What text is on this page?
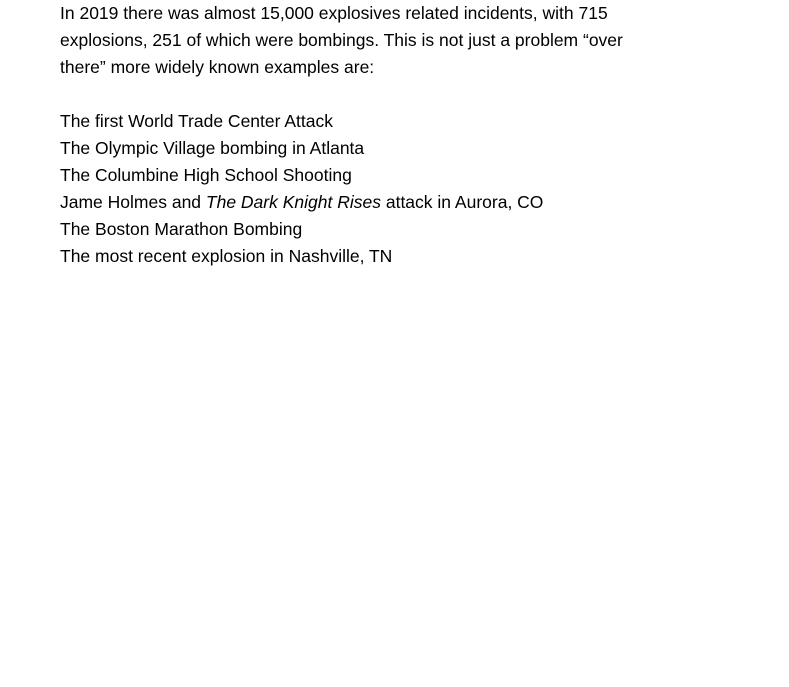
In 2019 there was almost 15,000 explosives related incidents, with 715
explosions, 251 of which were bombings. This is not just a problem “over
there” more widely known examples are:

The first World Trade Center Attack
The Olympic Village bombing in Atlanta
The Columbine High School Shooting
Jame Holmes and The Dark Knight Rises attack in Aurora, CO
The Boston Marathon Bombing
The most recent explosion in Nashville, TN
